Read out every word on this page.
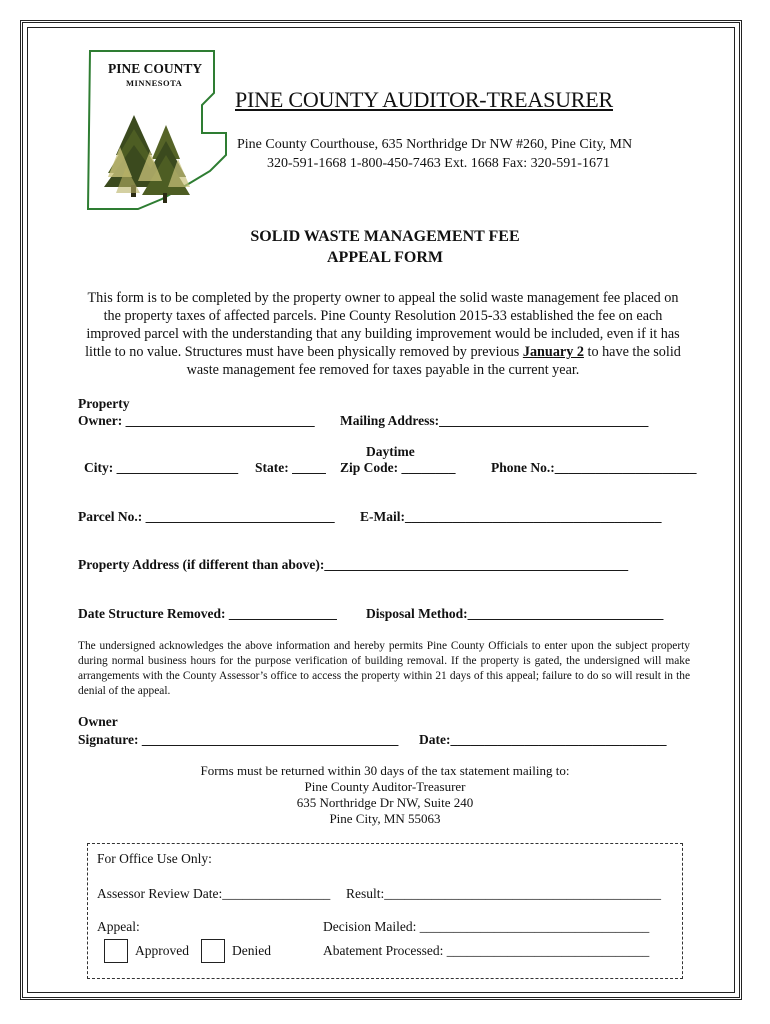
PINE COUNTY
MINNESOTA
PINE COUNTY AUDITOR-TREASURER
Pine County Courthouse, 635 Northridge Dr NW #260, Pine City, MN
320-591-1668 1-800-450-7463 Ext. 1668 Fax: 320-591-1671
SOLID WASTE MANAGEMENT FEE
APPEAL FORM
This form is to be completed by the property owner to appeal the solid waste management fee placed on the property taxes of affected parcels. Pine County Resolution 2015-33 established the fee on each improved parcel with the understanding that any building improvement would be included, even if it has little to no value. Structures must have been physically removed by previous January 2 to have the solid waste management fee removed for taxes payable in the current year.
Property
Owner: ____________________________ Mailing Address:_______________________________
Daytime
City: __________________ State: _____ Zip Code: ________	Phone No.:_____________________
Parcel No.: ____________________________ E-Mail:______________________________________
Property Address (if different than above):_____________________________________________
Date Structure Removed: ________________ Disposal Method:_____________________________
The undersigned acknowledges the above information and hereby permits Pine County Officials to enter upon the subject property during normal business hours for the purpose verification of building removal. If the property is gated, the undersigned will make arrangements with the County Assessor’s office to access the property within 21 days of this appeal; failure to do so will result in the denial of the appeal.
Owner
Signature: ______________________________________ Date:________________________________
Forms must be returned within 30 days of the tax statement mailing to:
Pine County Auditor-Treasurer
635 Northridge Dr NW, Suite 240
Pine City, MN 55063
For Office Use Only:
Assessor Review Date:________________ Result:_________________________________________
Appeal:	Decision Mailed: __________________________________
Approved	Denied	Abatement Processed: ______________________________
